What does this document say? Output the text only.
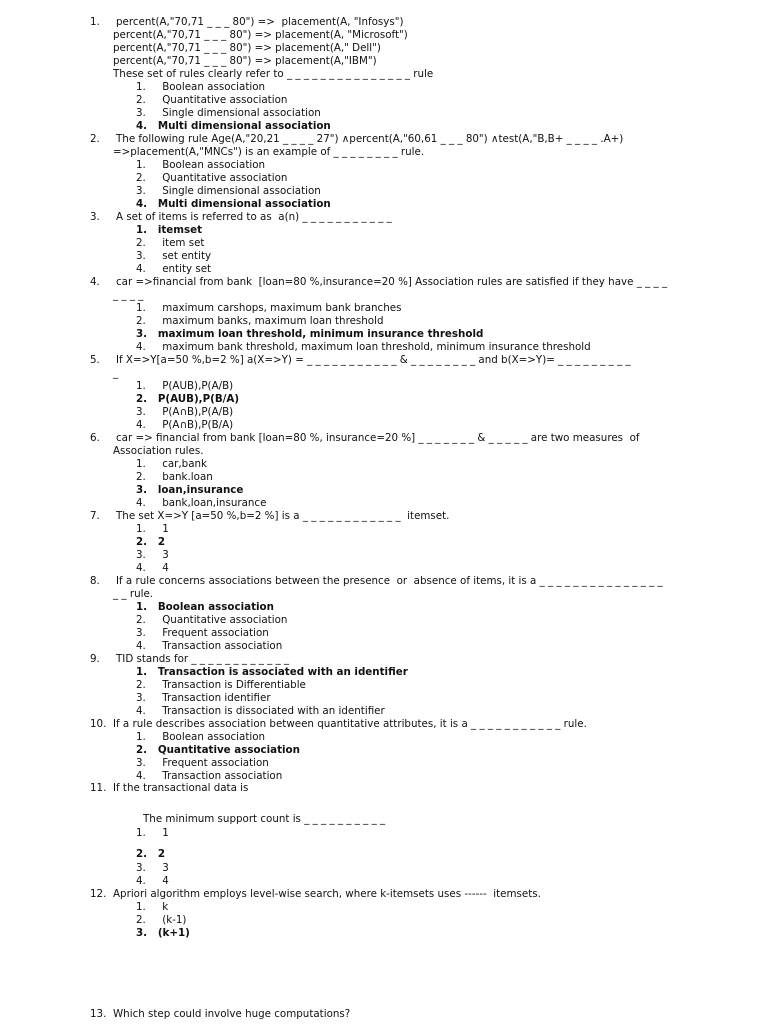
1. percent(A,"70,71 _ _ _ 80") =>  placement(A, "Infosys")
percent(A,"70,71 _ _ _ 80") => placement(A, "Microsoft")
percent(A,"70,71 _ _ _ 80") => placement(A," Dell")
percent(A,"70,71 _ _ _ 80") => placement(A,"IBM")
These set of rules clearly refer to _ _ _ _ _ _ _ _ _ _ _ _ _ _ _ rule
1.     Boolean association
2.     Quantitative association
3.     Single dimensional association
4.   Multi dimensional association
2. The following rule Age(A,"20,21 _ _ _ _ 27") ∧percent(A,"60,61 _ _ _ 80") ∧test(A,"B,B+ _ _ _ _ .A+)
=>placement(A,"MNCs") is an example of _ _ _ _ _ _ _ _ rule.
1.     Boolean association
2.     Quantitative association
3.     Single dimensional association
4.   Multi dimensional association
3. A set of items is referred to as  a(n) _ _ _ _ _ _ _ _ _ _ _
1.   itemset
2.     item set
3.     set entity
4.     entity set
4. car =>financial from bank  [loan=80 %,insurance=20 %] Association rules are satisfied if they have _ _ _ _
_ _ _ _
1.     maximum carshops, maximum bank branches
2.     maximum banks, maximum loan threshold
3.   maximum loan threshold, minimum insurance threshold
4.     maximum bank threshold, maximum loan threshold, minimum insurance threshold
5. If X=>Y[a=50 %,b=2 %] a(X=>Y) = _ _ _ _ _ _ _ _ _ _ _ & _ _ _ _ _ _ _ _ and b(X=>Y)= _ _ _ _ _ _ _ _ _
_
1.     P(AUB),P(A/B)
2.   P(AUB),P(B/A)
3.     P(A∩B),P(A/B)
4.     P(A∩B),P(B/A)
6. car => financial from bank [loan=80 %, insurance=20 %] _ _ _ _ _ _ _ & _ _ _ _ _ are two measures  of
Association rules.
1.     car,bank
2.     bank.loan
3.   loan,insurance
4.     bank,loan,insurance
7. The set X=>Y [a=50 %,b=2 %] is a _ _ _ _ _ _ _ _ _ _ _ _  itemset.
1.     1
2.   2
3.     3
4.     4
8. If a rule concerns associations between the presence  or  absence of items, it is a _ _ _ _ _ _ _ _ _ _ _ _ _ _ _
_ _ rule.
1.   Boolean association
2.     Quantitative association
3.     Frequent association
4.     Transaction association
9. TID stands for _ _ _ _ _ _ _ _ _ _ _ _
1.   Transaction is associated with an identifier
2.     Transaction is Differentiable
3.     Transaction identifier
4.     Transaction is dissociated with an identifier
10. If a rule describes association between quantitative attributes, it is a _ _ _ _ _ _ _ _ _ _ _ rule.
1.     Boolean association
2.   Quantitative association
3.     Frequent association
4.     Transaction association
11. If the transactional data is
The minimum support count is _ _ _ _ _ _ _ _ _ _
1.     1
2.   2
3.     3
4.     4
12. Apriori algorithm employs level-wise search, where k-itemsets uses ------  itemsets.
1.     k
2.     (k-1)
3.   (k+1)
13. Which step could involve huge computations?
